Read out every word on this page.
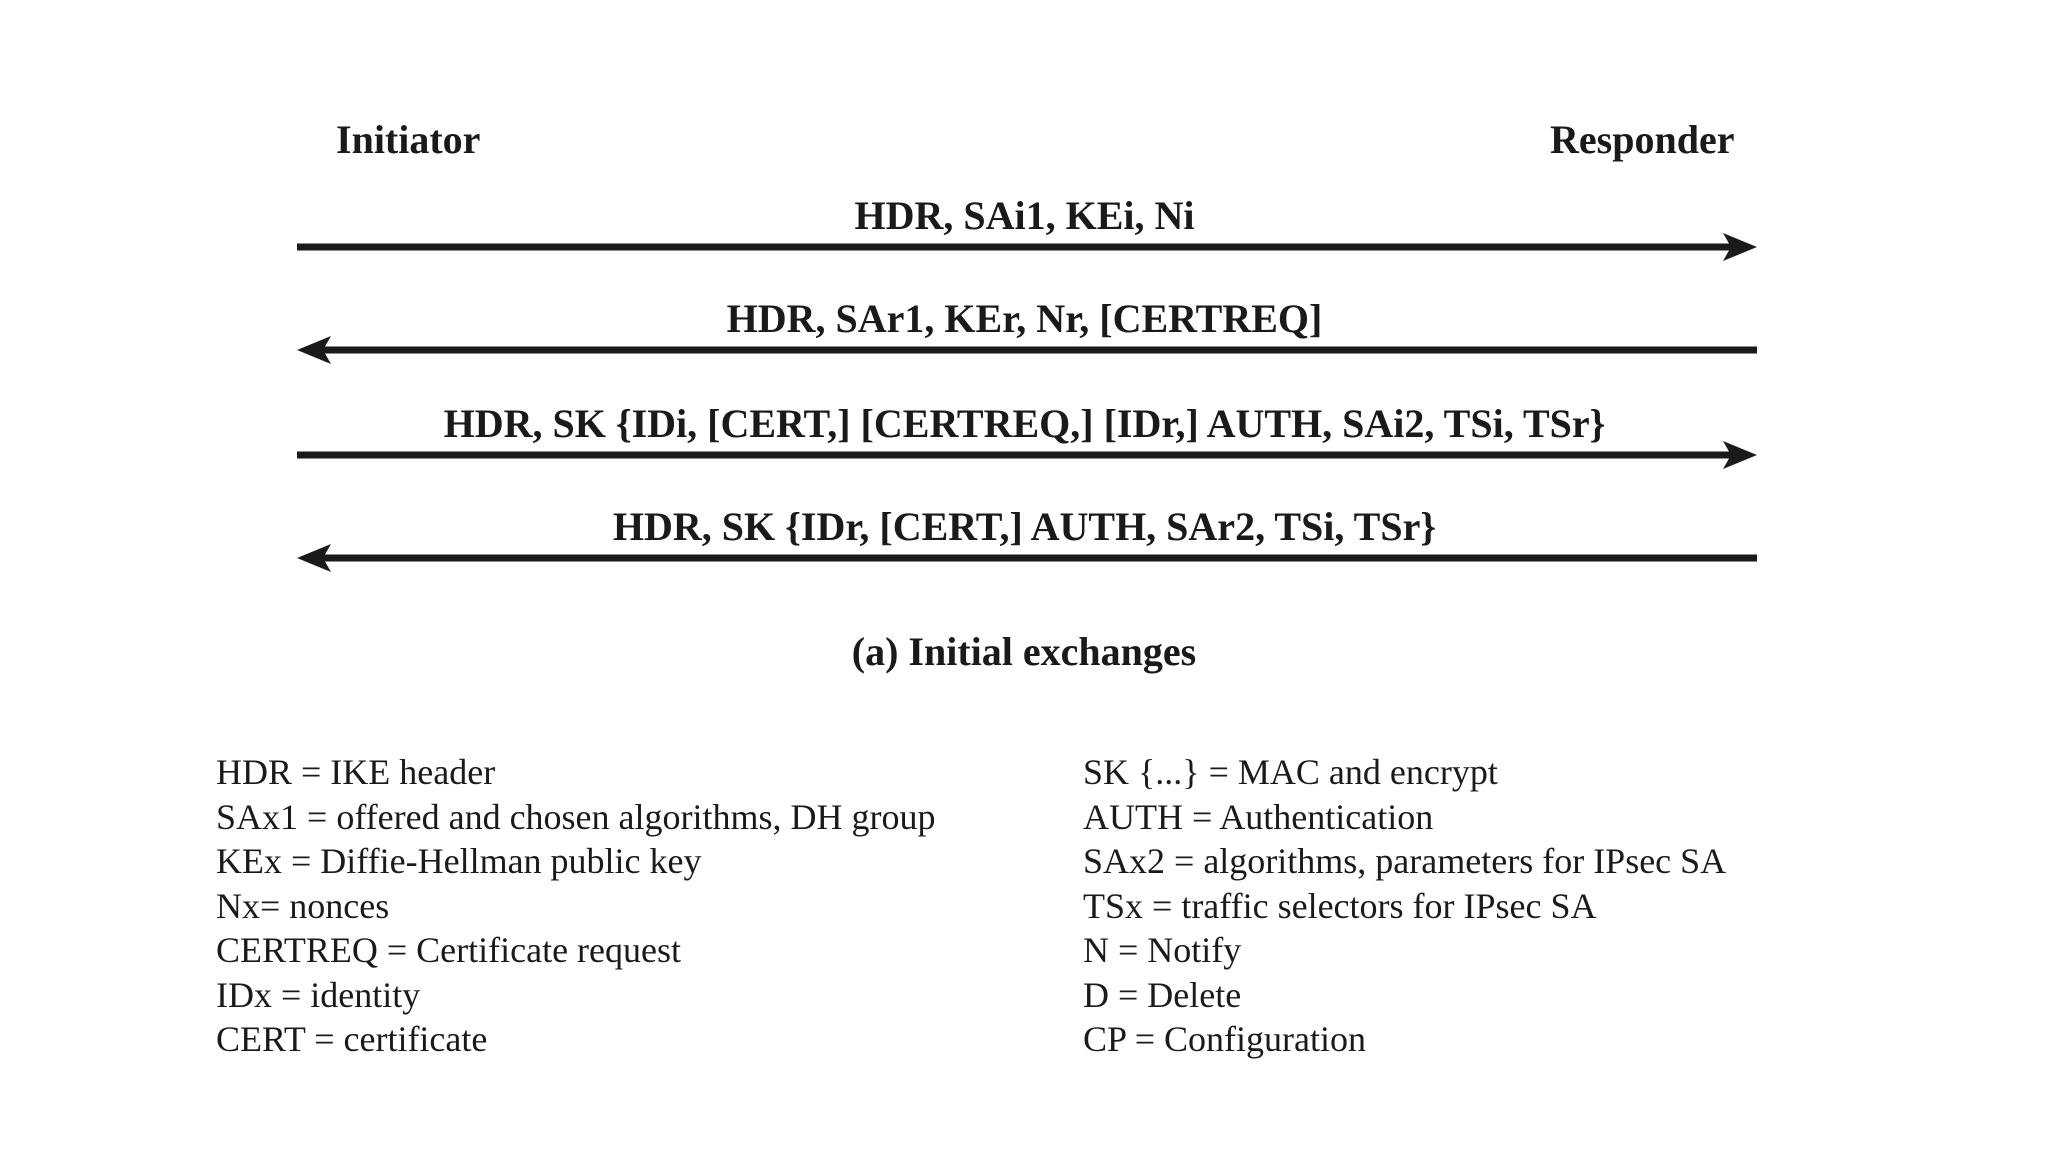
Initiator	Responder
HDR, SAi1, KEi, Ni
HDR, SAr1, KEr, Nr, [CERTREQ]
HDR, SK {IDi, [CERT,] [CERTREQ,] [IDr,] AUTH, SAi2, TSi, TSr}
HDR, SK {IDr, [CERT,] AUTH, SAr2, TSi, TSr}
(a) Initial exchanges
HDR = IKE header
SAx1 = offered and chosen algorithms, DH group
KEx = Diffie-Hellman public key
Nx= nonces
CERTREQ = Certificate request
IDx = identity
CERT = certificate
SK {...} = MAC and encrypt
AUTH = Authentication
SAx2 = algorithms, parameters for IPsec SA
TSx = traffic selectors for IPsec SA
N = Notify
D = Delete
CP = Configuration
